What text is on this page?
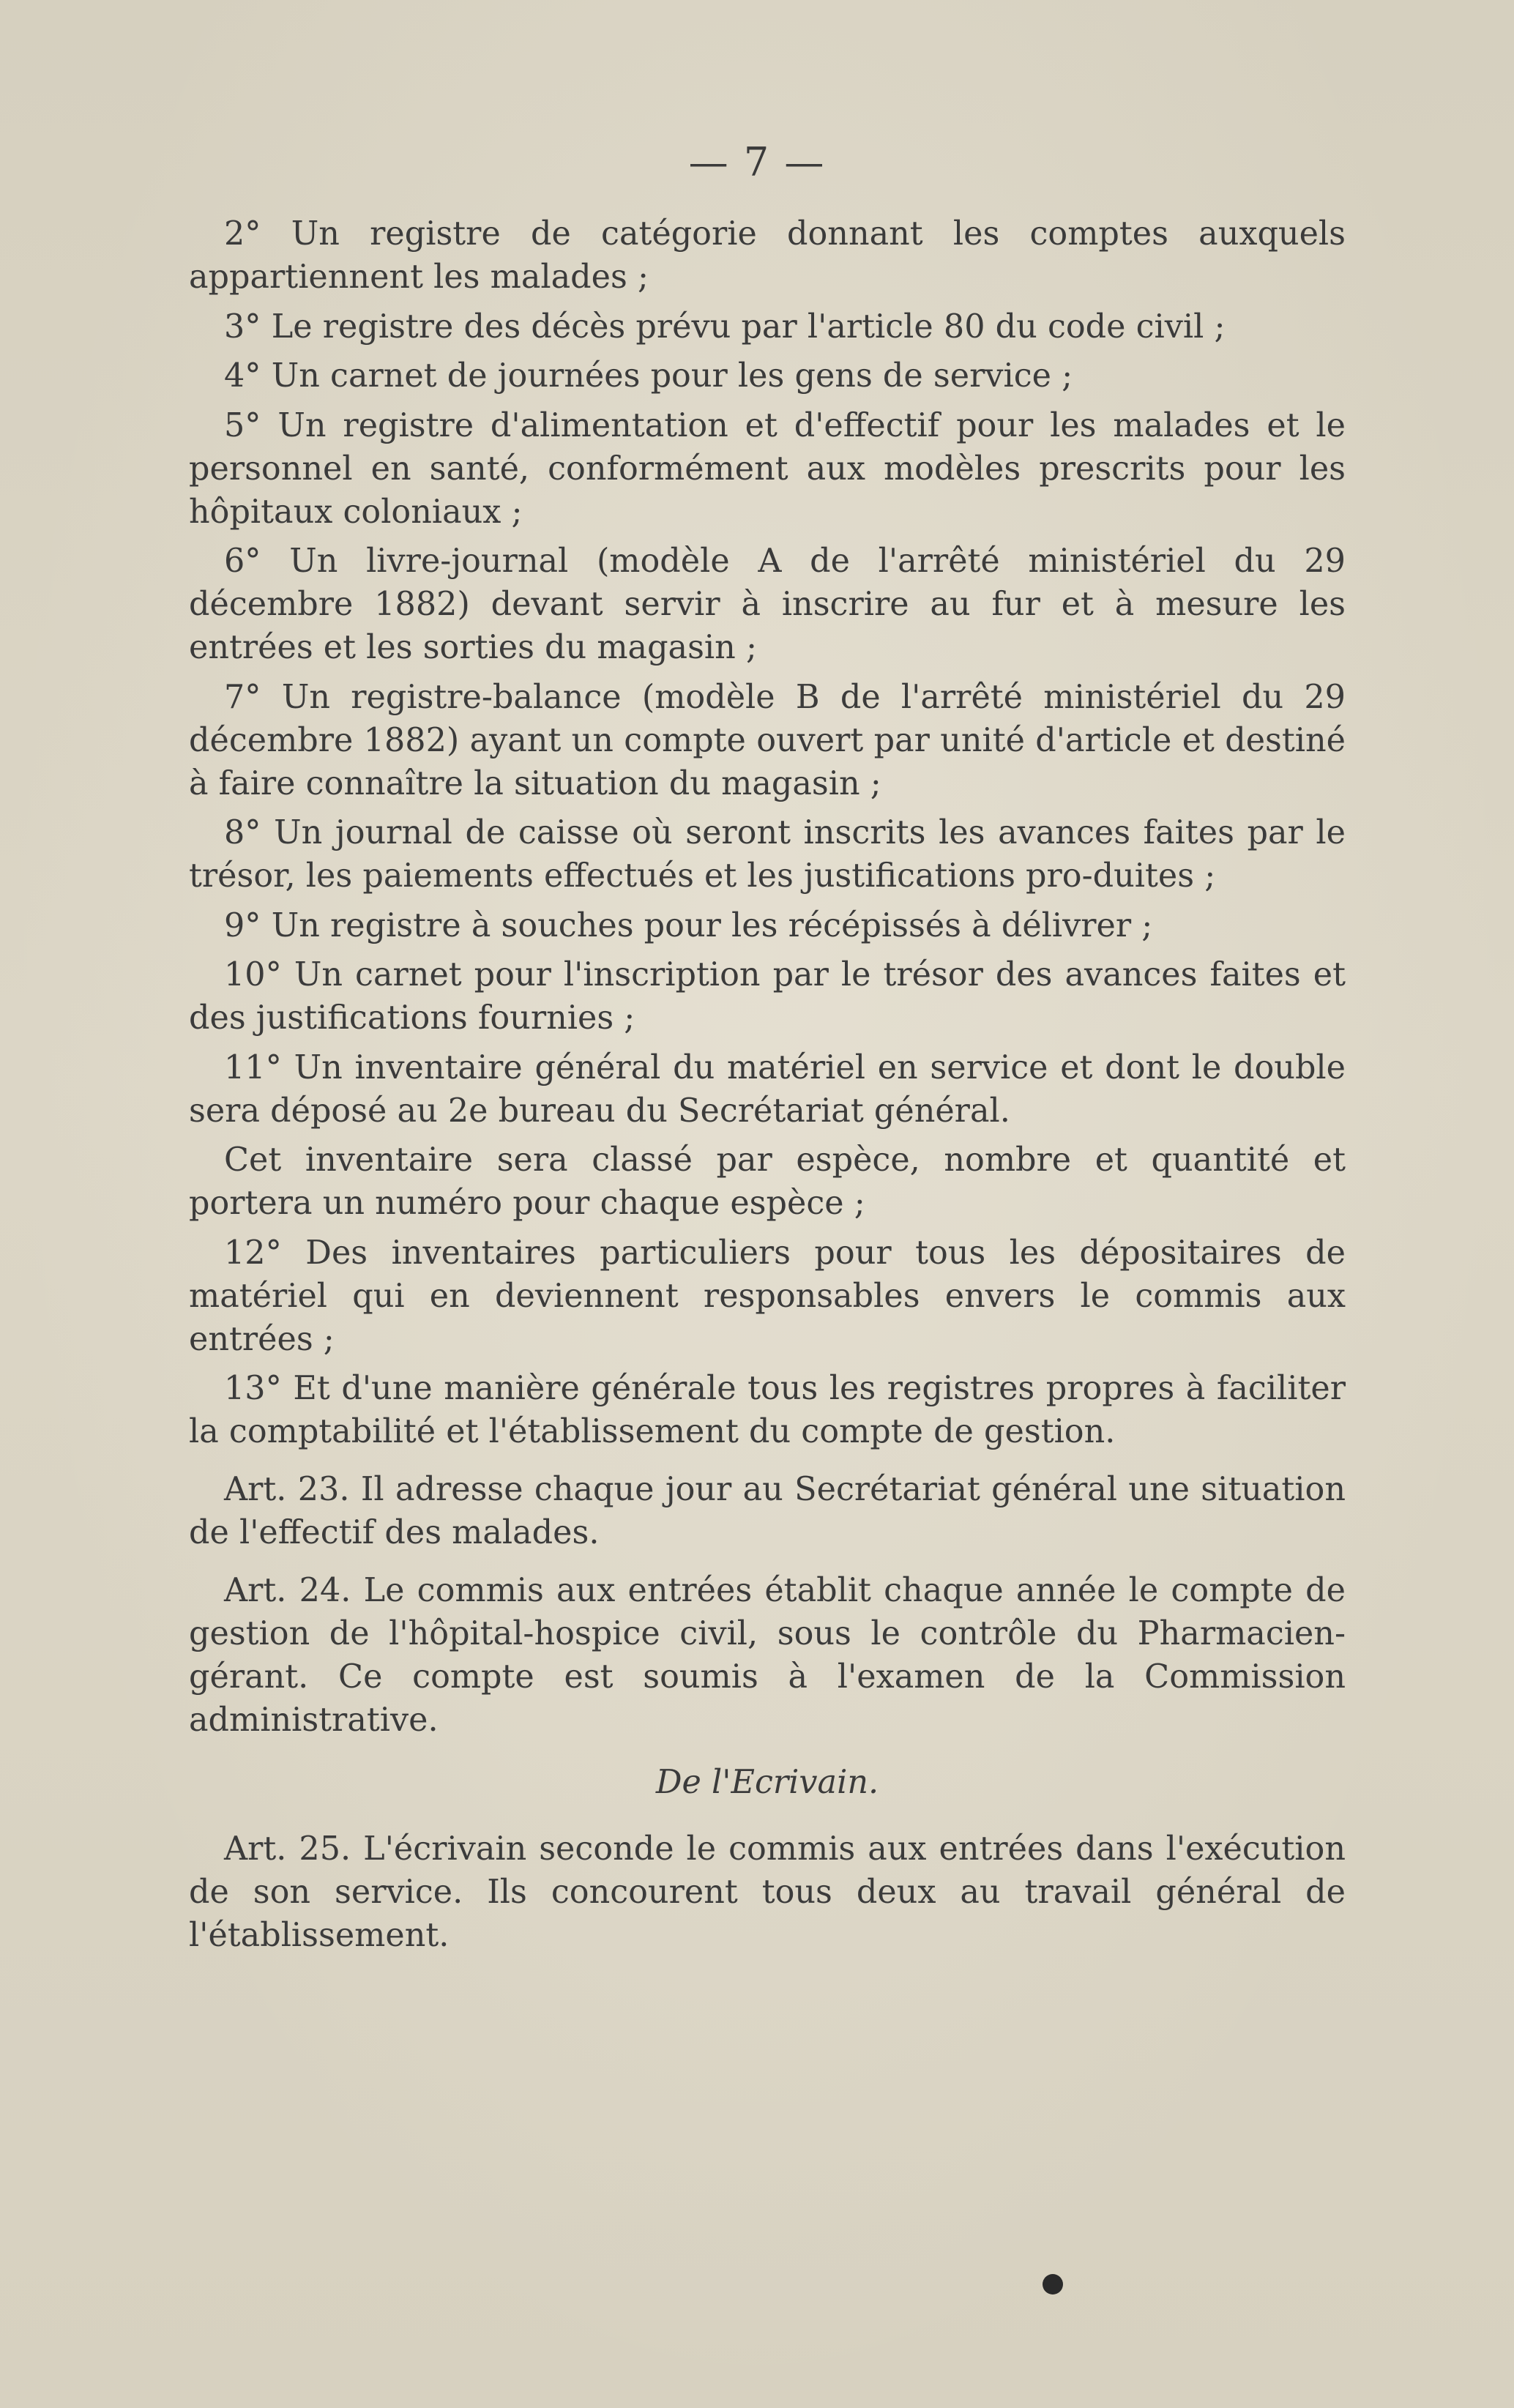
— 7 —

2° Un registre de catégorie donnant les comptes auxquels appartiennent les malades ;

3° Le registre des décès prévu par l'article 80 du code civil ;

4° Un carnet de journées pour les gens de service ;

5° Un registre d'alimentation et d'effectif pour les malades et le personnel en santé, conformément aux modèles prescrits pour les hôpitaux coloniaux ;

6° Un livre-journal (modèle A de l'arrêté ministériel du 29 décembre 1882) devant servir à inscrire au fur et à mesure les entrées et les sorties du magasin ;

7° Un registre-balance (modèle B de l'arrêté ministériel du 29 décembre 1882) ayant un compte ouvert par unité d'article et destiné à faire connaître la situation du magasin ;

8° Un journal de caisse où seront inscrits les avances faites par le trésor, les paiements effectués et les justifications pro-duites ;

9° Un registre à souches pour les récépissés à délivrer ;

10° Un carnet pour l'inscription par le trésor des avances faites et des justifications fournies ;

11° Un inventaire général du matériel en service et dont le double sera déposé au 2e bureau du Secrétariat général.

Cet inventaire sera classé par espèce, nombre et quantité et portera un numéro pour chaque espèce ;

12° Des inventaires particuliers pour tous les dépositaires de matériel qui en deviennent responsables envers le commis aux entrées ;

13° Et d'une manière générale tous les registres propres à faciliter la comptabilité et l'établissement du compte de gestion.

Art. 23. Il adresse chaque jour au Secrétariat général une situation de l'effectif des malades.

Art. 24. Le commis aux entrées établit chaque année le compte de gestion de l'hôpital-hospice civil, sous le contrôle du Pharmacien-gérant. Ce compte est soumis à l'examen de la Commission administrative.

De l'Ecrivain.

Art. 25. L'écrivain seconde le commis aux entrées dans l'exécution de son service. Ils concourent tous deux au travail général de l'établissement.
